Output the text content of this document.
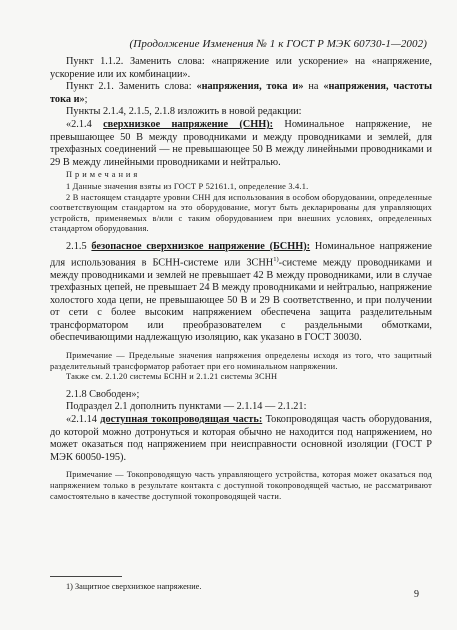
(Продолжение Изменения № 1 к ГОСТ Р МЭК 60730-1—2002)

Пункт 1.1.2. Заменить слова: «напряжение или ускорение» на «напряжение, ускорение или их комбинации».

Пункт 2.1. Заменить слова: «напряжения, тока и» на «напряжения, частоты тока и»;

Пункты 2.1.4, 2.1.5, 2.1.8 изложить в новой редакции:

«2.1.4 сверхнизкое напряжение (СНН): Номинальное напряжение, не превышающее 50 В между проводниками и между проводниками и землей, для трехфазных соединений — не превышающее 50 В между линейными проводниками и 29 В между линейными проводниками и нейтралью.

Примечания

1 Данные значения взяты из ГОСТ Р 52161.1, определение 3.4.1.

2 В настоящем стандарте уровни СНН для использования в особом оборудовании, определенные соответствующим стандартом на это оборудование, могут быть декларированы для управляющих устройств, применяемых в/или с таким оборудованием при внешних условиях, определенных стандартом оборудования.

2.1.5 безопасное сверхнизкое напряжение (БСНН): Номинальное напряжение для использования в БСНН-системе или ЗСНН$^{1)}$-системе между проводниками и между проводниками и землей не превышает 42 В между проводниками, или в случае трехфазных цепей, не превышает 24 В между проводниками и нейтралью, напряжение холостого хода цепи, не превышающее 50 В и 29 В соответственно, и при получении от сети с более высоким напряжением обеспечена защита разделительным трансформатором или преобразователем с раздельными обмотками, обеспечивающими надлежащую изоляцию, как указано в ГОСТ 30030.

Примечание — Предельные значения напряжения определены исходя из того, что защитный разделительный трансформатор работает при его номинальном напряжении.

Также см. 2.1.20 системы БСНН и 2.1.21 системы ЗСНН

2.1.8 Свободен»;

Подраздел 2.1 дополнить пунктами — 2.1.14 — 2.1.21:

«2.1.14 доступная токопроводящая часть: Токопроводящая часть оборудования, до которой можно дотронуться и которая обычно не находится под напряжением, но может оказаться под напряжением при неисправности основной изоляции (ГОСТ Р МЭК 60050-195).

Примечание — Токопроводящую часть управляющего устройства, которая может оказаться под напряжением только в результате контакта с доступной токопроводящей частью, не рассматривают самостоятельно в качестве доступной токопроводящей части.

1) Защитное сверхнизкое напряжение.
9
